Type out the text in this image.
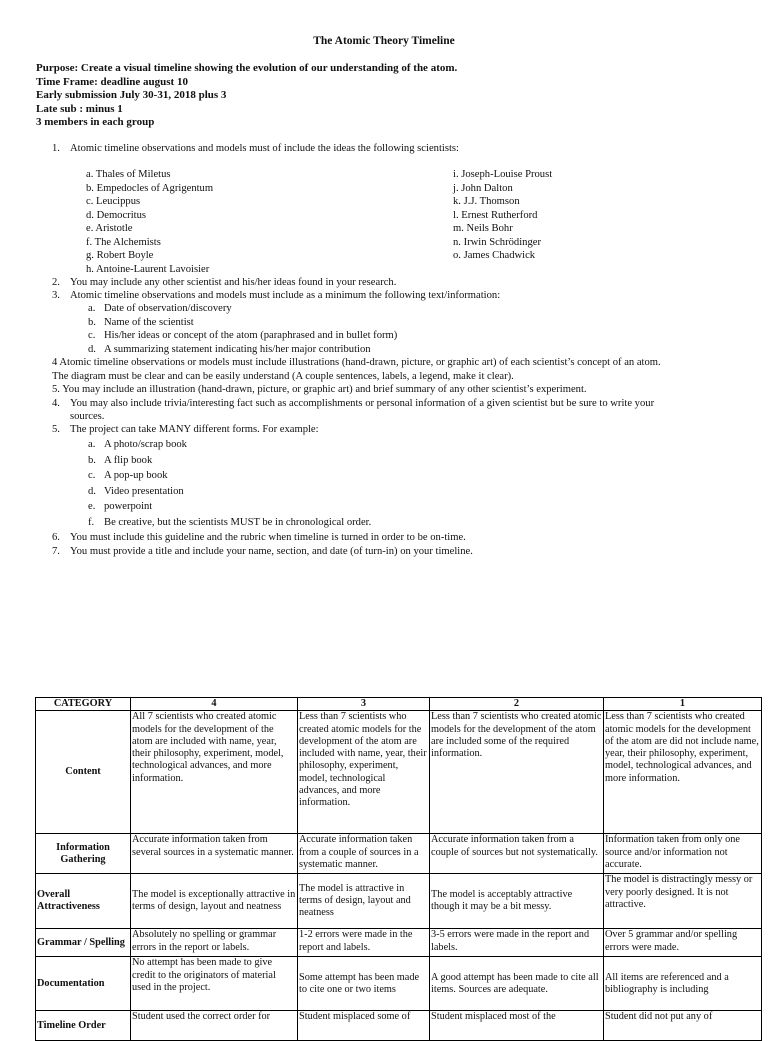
The Atomic Theory Timeline
Purpose: Create a visual timeline showing the evolution of our understanding of the atom.
Time Frame: deadline august 10
Early submission July 30-31, 2018 plus 3
Late sub : minus 1
3 members in each group
1. Atomic timeline observations and models must of include the ideas the following scientists:
a. Thales of Miletus
b. Empedocles of Agrigentum
c. Leucippus
d. Democritus
e. Aristotle
f. The Alchemists
g. Robert Boyle
h. Antoine-Laurent Lavoisier
i. Joseph-Louise Proust
j. John Dalton
k. J.J. Thomson
l. Ernest Rutherford
m. Neils Bohr
n. Irwin Schrödinger
o. James Chadwick
2. You may include any other scientist and his/her ideas found in your research.
3. Atomic timeline observations and models must include as a minimum the following text/information:
a. Date of observation/discovery
b. Name of the scientist
c. His/her ideas or concept of the atom (paraphrased and in bullet form)
d. A summarizing statement indicating his/her major contribution
4 Atomic timeline observations or models must include illustrations (hand-drawn, picture, or graphic art) of each scientist’s concept of an atom.
The diagram must be clear and can be easily understand (A couple sentences, labels, a legend, make it clear).
5. You may include an illustration (hand-drawn, picture, or graphic art) and brief summary of any other scientist’s experiment.
4. You may also include trivia/interesting fact such as accomplishments or personal information of a given scientist but be sure to write your
sources.
5. The project can take MANY different forms. For example:
a. A photo/scrap book
b. A flip book
c. A pop-up book
d. Video presentation
e. powerpoint
f. Be creative, but the scientists MUST be in chronological order.
6. You must include this guideline and the rubric when timeline is turned in order to be on-time.
7. You must provide a title and include your name, section, and date (of turn-in) on your timeline.
CATEGORY	4	3	2	1
Content	All 7 scientists who created atomic models for the development of the atom are included with name, year, their philosophy, experiment, model, technological advances, and more information.	Less than 7 scientists who created atomic models for the development of the atom are included with name, year, their philosophy, experiment, model, technological advances, and more information.	Less than 7 scientists who created atomic models for the development of the atom are included some of the required information.	Less than 7 scientists who created atomic models for the development of the atom are did not include name, year, their philosophy, experiment, model, technological advances, and more information.
Information Gathering	Accurate information taken from several sources in a systematic manner.	Accurate information taken from a couple of sources in a systematic manner.	Accurate information taken from a couple of sources but not systematically.	Information taken from only one source and/or information not accurate.
Overall Attractiveness	The model is exceptionally attractive in terms of design, layout and neatness	The model is attractive in terms of design, layout and neatness	The model is acceptably attractive though it may be a bit messy.	The model is distractingly messy or very poorly designed. It is not attractive.
Grammar / Spelling	Absolutely no spelling or grammar errors in the report or labels.	1-2 errors were made in the report and labels.	3-5 errors were made in the report and labels.	Over 5 grammar and/or spelling errors were made.
Documentation	No attempt has been made to give credit to the originators of material used in the project.	Some attempt has been made to cite one or two items	A good attempt has been made to cite all items. Sources are adequate.	All items are referenced and a bibliography is including
Timeline Order	Student used the correct order for	Student misplaced some of	Student misplaced most of the	Student did not put any of
